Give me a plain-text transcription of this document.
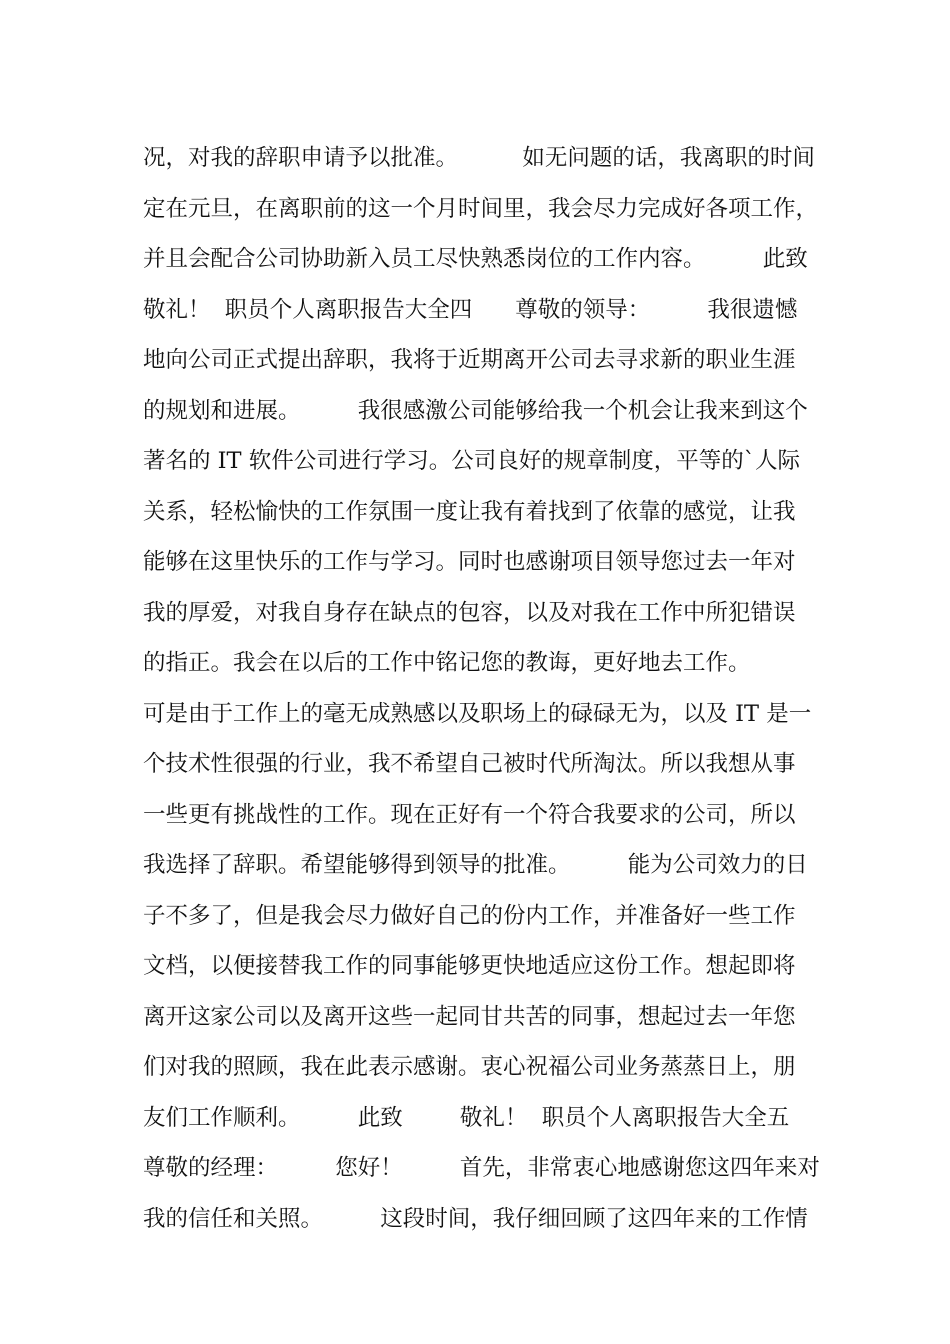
况，对我的辞职申请予以批准。         如无问题的话，我离职的时间
定在元旦，在离职前的这一个月时间里，我会尽力完成好各项工作，
并且会配合公司协助新入员工尽快熟悉岗位的工作内容。        此致
敬礼！  职员个人离职报告大全四      尊敬的领导：        我很遗憾
地向公司正式提出辞职，我将于近期离开公司去寻求新的职业生涯
的规划和进展。        我很感激公司能够给我一个机会让我来到这个
著名的 IT 软件公司进行学习。公司良好的规章制度，平等的`人际
关系，轻松愉快的工作氛围一度让我有着找到了依靠的感觉，让我
能够在这里快乐的工作与学习。同时也感谢项目领导您过去一年对
我的厚爱，对我自身存在缺点的包容，以及对我在工作中所犯错误
的指正。我会在以后的工作中铭记您的教诲，更好地去工作。
可是由于工作上的毫无成熟感以及职场上的碌碌无为，以及 IT 是一
个技术性很强的行业，我不希望自己被时代所淘汰。所以我想从事
一些更有挑战性的工作。现在正好有一个符合我要求的公司，所以
我选择了辞职。希望能够得到领导的批准。        能为公司效力的日
子不多了，但是我会尽力做好自己的份内工作，并准备好一些工作
文档，以便接替我工作的同事能够更快地适应这份工作。想起即将
离开这家公司以及离开这些一起同甘共苦的同事，想起过去一年您
们对我的照顾，我在此表示感谢。衷心祝福公司业务蒸蒸日上，朋
友们工作顺利。        此致        敬礼！  职员个人离职报告大全五
尊敬的经理：        您好！        首先，非常衷心地感谢您这四年来对
我的信任和关照。        这段时间，我仔细回顾了这四年来的工作情
